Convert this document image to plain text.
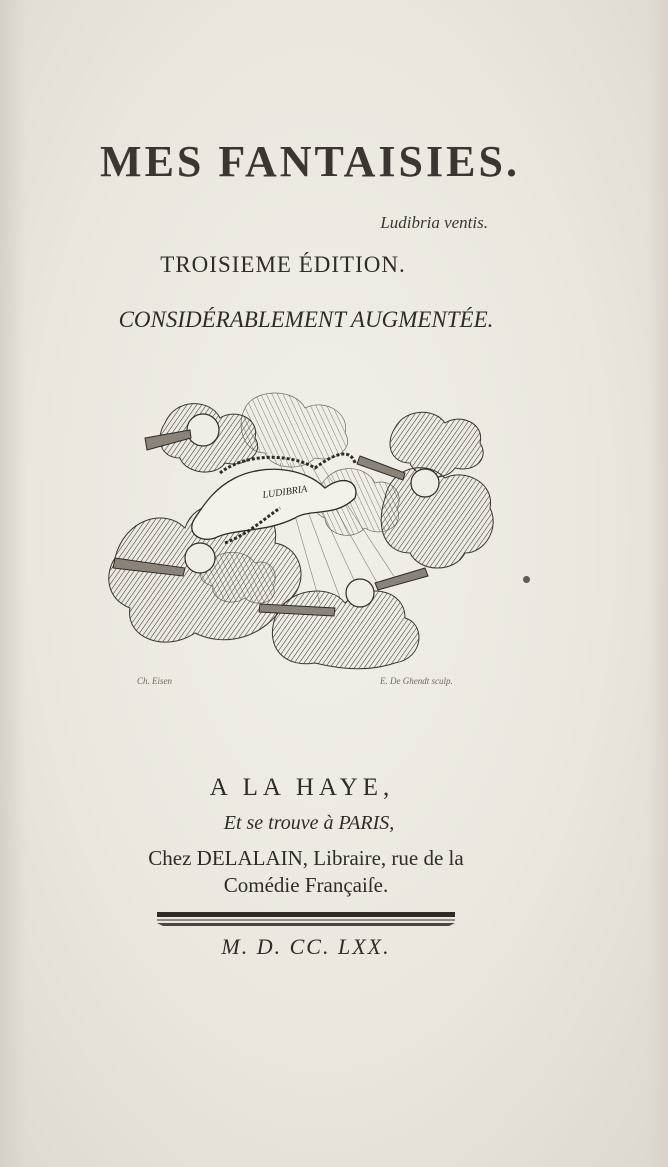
MES FANTAISIES.
Ludibria ventis.
TROISIEME ÉDITION.
CONSIDÉRABLEMENT AUGMENTÉE.
LUDIBRIA
Ch. Eisen	E. De Ghendt sculp.
A LA HAYE,
Et se trouve à PARIS,
Chez DELALAIN, Libraire, rue de la
Comédie Françaiſe.
M. D. CC. LXX.
